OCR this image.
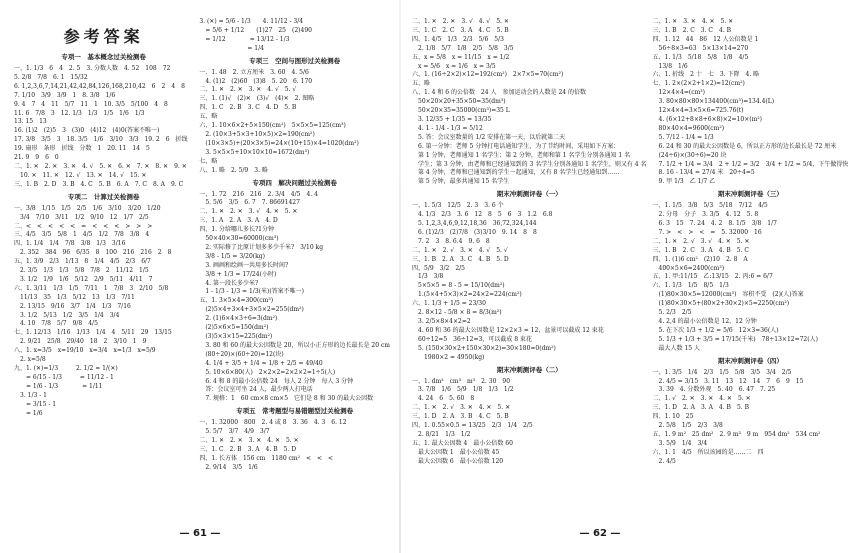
参考答案
专项一　基本概念过关检测卷
一、1. 1/3　6　4　2. 5　3. 分数人数　4. 52　108　72
5. 2/8　7/8　6. 1　15/32
6. 1,2,3,6,7,14,21,42,42,84,126,168,210,42　6　2　4　8
7. 1/10　3/9　3/9　1　8. 3/8　1/6
9. 4　7　4　11　5/7　11　1　10. 3/5　5/100　4　8
11. 6　7/8　3　12. 1/3　1/3　1/5　1/6　1/3
13. 15　13
16. (1)2　(2)5　3　(3)0　(4)12　(4)0(答案不唯一)
17. 3/8　3/5　3　18. 3/5　1/6　3/10　3/3　19. 2　6　折线
19. 扇形　条形　折线　分数　1　20. 11　14　5
21. 9　9　6　0
二、1. ✕　2. ✕　3. ✕　4. √　5. ✕　6. ✕　7. ✕　8. ✕　9. ✕
　10. ✕　11. ✕　12. √　13. ✕　14. √　15. ✕
三、1. B　2. D　3. B　4. C　5. B　6. A　7. C　8. A　9. C
专项二　计算过关检测卷
一、3/8　1/15　1/5　2/5　1/6　3/10　3/20　1/20
　3/4　7/10　3/11　1/2　9/10　12　1/7　2/5
二、<　<　<　<　<　=　<　<　<　>　>　>
三、4/5　3/5　5/8　1　4/5　1/2　7/8　3/8　4
四、1. 1/4　1/4　7/8　3/8　1/3　3/16
　2. 352　384　96　6/35　8　100　216　216　2　8
五、1. 3/9　2/3　1/13　8　1/4　4/5　2/3　6/7
　2. 3/5　1/3　1/3　5/8　7/8　2　11/12　1/5
　3. 1/2　1/9　1/6　5/12　2/9　5/11　4/11　7
六、1. 3/11　1/3　1/5　7/11　1　7/8　3　2/10　5/8
　11/13　35　1/3　5/12　13　1/3　7/11
　2. 13/15　9/16　3/7　1/4　1/3　7/16
　3. 1/2　5/13　1/2　3/5　1/4　3/4
　4. 10　7/8　5/7　9/8　4/5
七、1. 12/13　1/16　1/13　1/4　4　5/11　29　13/15
　2. 9/21　25/8　29/40　18　2　3/10　1　9
八、1. x=3/5　x=19/10　x=3/4　x=1/3　x=5/9
　2. x=5/8
九、1. (✕)=1/3　　　2. 1/2 = 1/(✕)
　　= 6/15 - 1/3　　　= 11/12 - 1
　　= 1/6 - 1/3　　　　= 1/11
　3. 1/3 - 1
　　= 3/15 - 1
　　= 1/6
3. (✕) = 5/6 - 1/3　　4. 11/12 - 3/4
　= 5/6 + 1/12　　(1)27　25　(2)490
　= 1/12　　　　= 13/12 - 1/3
　　　　　　　　= 1/4
专项三　空间与图形过关检测卷
一、1. 48　2. 立方厘米　3. 60　4. 5/6
　4. (1)2　(2)60　(3)8　5. 20　6. 170
二、1. ✕　2. ✕　3. ✕　4. √　5. √
三、1. (1)√　(2)✕　(3)√　(4)✕　2. 图略
四、1. C　2. B　3. C　4. D　5. B
五、略
六、1. 10×6×2+5×150(cm²)　5×5×5=125(cm³)
　2. (10×3+5×3+10×5)×2=190(cm²)
　(10×3×5)+(20×3×5)=24×(10+15)×4=1020(dm²)
　3. 5×5×5+10×10×10=1672(dm³)
七、略
八、1. 略　2. 5/9　3. 略
专项四　解决问题过关检测卷
一、1. 72　216　216　2. 3/4　4/5　4. 4
　5. 5/6　3/5　6. 7　7. 86691427
二、1. ✕　2. ✕　3. √　4. ✕　5. ✕
三、1. A　2. A　3. A　4. D
四、1. 分给哪儿多长?1分钟
　50×40×30=60000(cm³)
　2. 实际修了比原计划多多少千米?　3/10 kg
　3/8 - 1/5 = 3/20(kg)
　3. 画画和绘画一共用多长时间?
　3/8 + 1/3 = 17/24(小时)
　4. 第一段长多少米?
　1 - 1/3 - 1/3 = 1/3(米)(答案不唯一)
五、1. 3×5×4=300(cm³)
　(2)5×4+3×4+3×5×2=255(dm²)
　2. (1)6×4×3÷6=3(dm²)
　(2)5×6×5=150(dm²)
　(3)5×3×15=225(dm²)
　3. 80 和 60 的最大公因数是 20，所以小正方形的边长最长是 20 cm
　(80÷20)×(60÷20)=12(块)
　4. 1/4 + 3/5 + 1/4 = 1/8 + 2/5 = 49/40
　5. 10×6×80(人)　2×2×2=2×2×2=1÷5(人)
　6. 4 和 8 的最小公倍数 24　每人 2 分钟　每人 3 分钟
　答：会议室可坐 24 人，最少两人打电话
　7. 规格：1　60 cm×8 cm×5　它们是 8 和 30 的最大公因数
专项五　常考题型与易错题型过关检测卷
一、1. 32000　800　2. 4 或 8　3. 36　4. 3　6. 12
　5. 5/7　3/7　4/9　3/7
二、1. ✕　2. ✕　3. ✕　4. ✕　5. ✕
三、1. C　2. B　3. A　4. B　5. D
四、1. 长方体　156 cm　1180 cm²　<　<　<
　2. 9/14　3/5　1/6
— 61 —
二、1. ✕　2. ✕　3. √　4. √　5. ✕
三、1. C　2. C　3. A　4. C　5. B
四、1. 4/5　1/3　2/3　5/6　5/3
　2. 1/8　5/7　1/8　2/5　5/8　3/5
五、x = 5/8　x = 11/15　x = 1/2
　x = 5/6　x = 1/6　x = 3/5
六、1. (16÷2×2)×12=192(cm²)　2×7×5=70(cm²)
五、略
八、1. 4 和 6 的公倍数　24 人　参加运动会的人数是 24 的倍数
　50×20×20+35×50=35(dm³)
　50×20×35=35000(cm³)=35 L
　3. 12/35 + 1/35 = 13/35
　4. 1 - 1/4 - 1/3 = 5/12
　5. 答：会议室数量的 1/2 安排在第一天，以后就第二天
　6. 第一分钟：老师 5 分钟打电话通知学生，为了节约时间，采用如下方案：
　第 1 分钟，老师通知 1 名学生；第 2 分钟，老师和第 1 名学生分别各通知 1 名
　学生；第 3 分钟，由老师和已经通知到的 3 名学生分别各通知 1 名学生，则又有 4 名
　第 4 分钟，老师和已通知到的学生一起通知，又有 8 名学生已经通知到……
　第 5 分钟，最多共通知 15 名学生
期末冲刺测评卷（一）
一、1. 5/3　12/5　2. 3　3. 6 个
　4. 1/3　2/3　3. 6　12　8　5　6　3　1.2　6.8
　5. 1,2,3,4,6,9,12,18,36　36,72,324,144
　6. (1)2/3　(2)7/8　(3)3/10　9. 14　8　8
　7. 2　3　8. 6.4　9. 6　8
二、1. ✕　2. √　3. ✕　4. √　5. √
三、1. B　2. A　3. C　4. B　5. D
四、5/9　3/2　2/5
　1/3　3/8
　5×5×5 = 8 - 5 = 15/10(dm²)
　1.(5×4+5×3)×2=24×2=224(cm²)
六、1. 1/3 + 1/5 = 23/30
　2. 8×12 - 5/8 × 8 = 8/3(m²)
　3. 2/5×8×4×2=2
　4. 60 和 36 的最大公因数是 12×2×3 = 12，盆景可以截成 12 束花
　60÷12=5　36÷12=3，可以截成 8 束花
　5. (150×30×2+150×30×2)=30×180=0(dm²)
　　1980×2 = 4950(kg)
期末冲刺测评卷（二）
一、1. dm³　cm³　m³　2. 30　90
　3. 7/8　1/6　5/9　1/8　1/3　1/2
　4. 24　6　5. 60　8
二、1. ✕　2. √　3. ✕　4. ✕　5. ✕
三、1. D　2. A　3. B　4. C　5. B
四、1. 0.55×0.5 = 13/25　2/3　1/4　2/5
　2. 8/21　1/3　1/2
五、1. 最大公因数 4　最小公倍数 60
　最大公因数 1　最小公倍数 45
　最大公因数 6　最小公倍数 120
二、1. ✕　3. ✕　4. ✕　5. ✕
三、1. B　2. C　3. C　4. B
四、1. 12　44　86　12 人公倍数是 1
　56÷8×3=63　5×13×14=270
五、1. 1/3　5/18　5/8　1/8　4/5
　13/8　1/6
六、1. 折线　2 十　七　3. 下降　4. 略
七、1. 2×(2×2+1×2)=12(cm²)
　12×4×4=(cm³)
　3. 80×80×80×134400(cm³)=134.4(L)
　12×4×4=3×5×6=725.76(t)
　4. (6×12+8×8+6×8)×2=10×(m²)
　80×40×4=9600(cm²)
　5. 7/12 - 1/4 = 1/3
　6. 24 和 30 的最大公因数是 6，所以正方形的边长最长是 72 厘米
　(24÷6)×(30÷6)=20 块
　7. 1/2 + 1/4 = 3/4　2 + 1/2 = 3/2　3/4 + 1/2 = 5/4，下午做得快
　8. 16 - 13/4 = 27/4 米　20÷4=5
　9. 甲 1/3　乙 1/7 乙
期末冲刺测评卷（三）
一、1. 1/5　3/8　5/3　5/18　7/12　4/5
　2. 分母　分子　3. 3/5　4. 12　5. 8
　6. 3　15　7. 24　4. 2　8. 1/5　3/8　1/7
　7. >　<　>　<　=　5. 32000　16
二、1. ✕　2. √　3. √　4. ✕　5. ✕
三、1. B　2. C　3. A　4. B　5. C
四、1. (1)6 cm²　(2)10　2. 8　A
　400×5×6=2400(cm³)
五、1. 甲:11/15　乙:13/15　2. 丙:6 = 6/7
六、1. 1/3　1/5　8/5　1/3
　(1)80×30×5=12000(cm³)　容积不受　(2)(人)答案
　(1)80×30×5+(80×2+30×2)×5=2250(cm²)
　5. 2/3　2/5
　4. 2,4 的最小公倍数是 12，12 分钟
　5. 在下次 1/3 + 1/2 = 5/6　12×3=36(人)
　5. 1/3 + 1/3 + 3/5 = 17/15(千米)　78÷13×12=72(人)
　最大人数 15 人
期末冲刺测评卷（四）
一、1. 3/5　1/4　2/3　1/5　5/8　3/5　3/4　2/5
　2. 4/5 = 3/15　3. 11　13　12　14　7　6　9　15
　3. 39　4. 分数外观　5. 40　6. 47　7. 25
二、1. √　2. ✕　3. ✕　4. ✕　5. ✕
三、1. D　2. A　3. A　4. B　5. B
四、1. 10　25
　2. 5/8　1/5　2/3　3/8
五、1. 9 m²　25 dm²　2. 9 m³　9 m　954 dm²　534 cm²
　3. 5/9　1/4　3/4
六、1. 1　4/5　所以该园的是……二　四
　2. 4/5
— 62 —
